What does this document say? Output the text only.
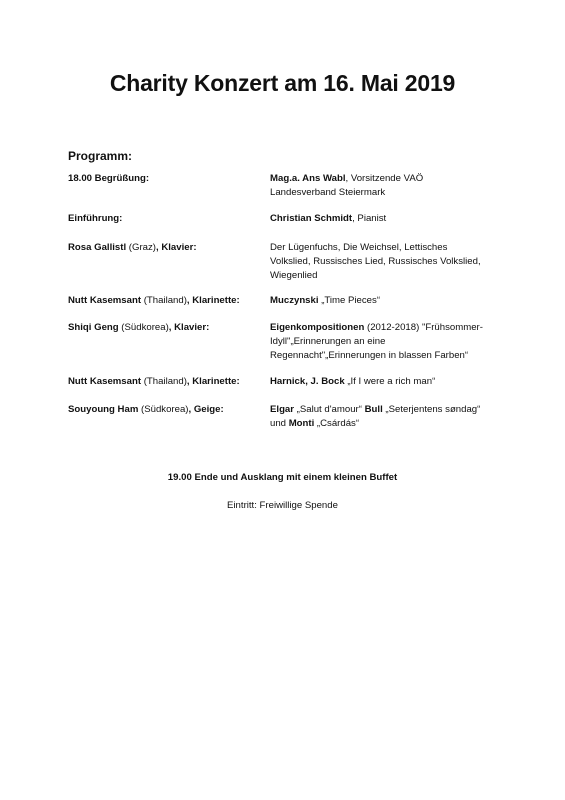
Charity Konzert am 16. Mai 2019
Programm:
18.00 Begrüßung:	Mag.a. Ans Wabl, Vorsitzende VAÖ
Landesverband Steiermark
Einführung:	Christian Schmidt, Pianist
Rosa Gallistl (Graz), Klavier:	Der Lügenfuchs, Die Weichsel, Lettisches
Volkslied, Russisches Lied, Russisches Volkslied,
Wiegenlied
Nutt Kasemsant (Thailand), Klarinette:	Muczynski „Time Pieces“
Shiqi Geng (Südkorea), Klavier:	Eigenkompositionen (2012-2018) "Frühsommer-
Idyll"„Erinnerungen an eine
Regennacht"„Erinnerungen in blassen Farben“
Nutt Kasemsant (Thailand), Klarinette:	Harnick, J. Bock „If I were a rich man“
Souyoung Ham (Südkorea), Geige:	Elgar „Salut d'amour“ Bull „Seterjentens søndag“
und Monti „Csárdás“
19.00 Ende und Ausklang mit einem kleinen Buffet
Eintritt: Freiwillige Spende
